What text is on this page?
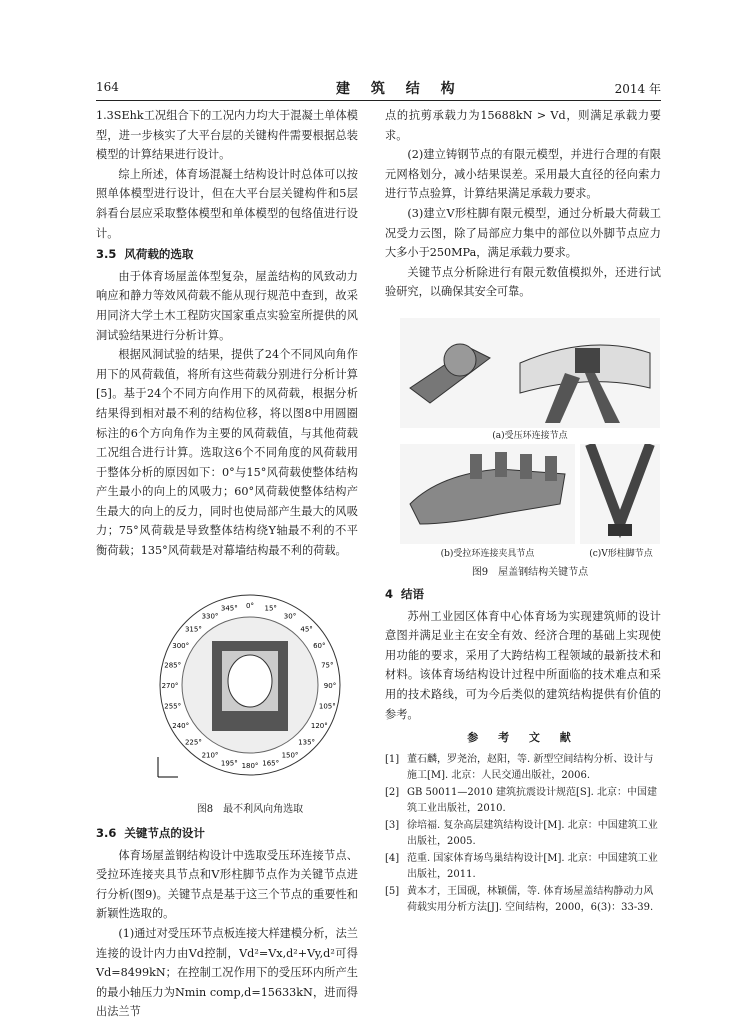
164	建 筑 结 构	2014 年

1.3SEhk工况组合下的工况内力均大于混凝土单体模型，进一步核实了大平台层的关键构件需要根据总装模型的计算结果进行设计。

综上所述，体育场混凝土结构设计时总体可以按照单体模型进行设计，但在大平台层关键构件和5层斜看台层应采取整体模型和单体模型的包络值进行设计。

3.5 风荷载的选取

由于体育场屋盖体型复杂，屋盖结构的风致动力响应和静力等效风荷载不能从现行规范中查到，故采用同济大学土木工程防灾国家重点实验室所提供的风洞试验结果进行分析计算。

根据风洞试验的结果，提供了24个不同风向角作用下的风荷载值，将所有这些荷载分别进行分析计算[5]。基于24个不同方向作用下的风荷载，根据分析结果得到相对最不利的结构位移，将以图8中用圆圈标注的6个方向角作为主要的风荷载值，与其他荷载工况组合进行计算。选取这6个不同角度的风荷载用于整体分析的原因如下：0°与15°风荷载使整体结构产生最小的向上的风吸力；60°风荷载使整体结构产生最大的向上的反力，同时也使局部产生最大的风吸力；75°风荷载是导致整体结构绕Y轴最不利的不平衡荷载；135°风荷载是对幕墙结构最不利的荷载。

0° 15°
30°
45°
60°
75°
90°
105°
120°
135°
150°
165°
180°
195°
210°
225°
240°
255°
270°
285°
300°
315°
330°
345°
图8　最不利风向角选取
3.6 关键节点的设计

体育场屋盖钢结构设计中选取受压环连接节点、受拉环连接夹具节点和V形柱脚节点作为关键节点进行分析(图9)。关键节点是基于这三个节点的重要性和新颖性选取的。

(1)通过对受压环节点板连接大样建模分析，法兰连接的设计内力由Vd控制，Vd²=Vx,d²+Vy,d²可得Vd=8499kN；在控制工况作用下的受压环内所产生的最小轴压力为Nmin comp,d=15633kN，进而得出法兰节

点的抗剪承载力为15688kN > Vd，则满足承载力要求。

(2)建立铸钢节点的有限元模型，并进行合理的有限元网格划分，减小结果误差。采用最大直径的径向索力进行节点验算，计算结果满足承载力要求。

(3)建立V形柱脚有限元模型，通过分析最大荷载工况受力云图，除了局部应力集中的部位以外脚节点应力大多小于250MPa，满足承载力要求。

关键节点分析除进行有限元数值模拟外，还进行试验研究，以确保其安全可靠。

(a)受压环连接节点
(b)受拉环连接夹具节点	(c)V形柱脚节点
图9　屋盖钢结构关键节点
4 结语

苏州工业园区体育中心体育场为实现建筑师的设计意图并满足业主在安全有效、经济合理的基础上实现使用功能的要求，采用了大跨结构工程领域的最新技术和材料。该体育场结构设计过程中所面临的技术难点和采用的技术路线，可为今后类似的建筑结构提供有价值的参考。

参 考 文 献
[1] 董石麟，罗尧治，赵阳，等. 新型空间结构分析、设计与施工[M]. 北京：人民交通出版社，2006.
[2] GB 50011—2010 建筑抗震设计规范[S]. 北京：中国建筑工业出版社，2010.
[3] 徐培福. 复杂高层建筑结构设计[M]. 北京：中国建筑工业出版社，2005.
[4] 范重. 国家体育场鸟巢结构设计[M]. 北京：中国建筑工业出版社，2011.
[5] 黄本才，王国砚，林颖儒，等. 体育场屋盖结构静动力风荷载实用分析方法[J]. 空间结构，2000，6(3)：33-39.
